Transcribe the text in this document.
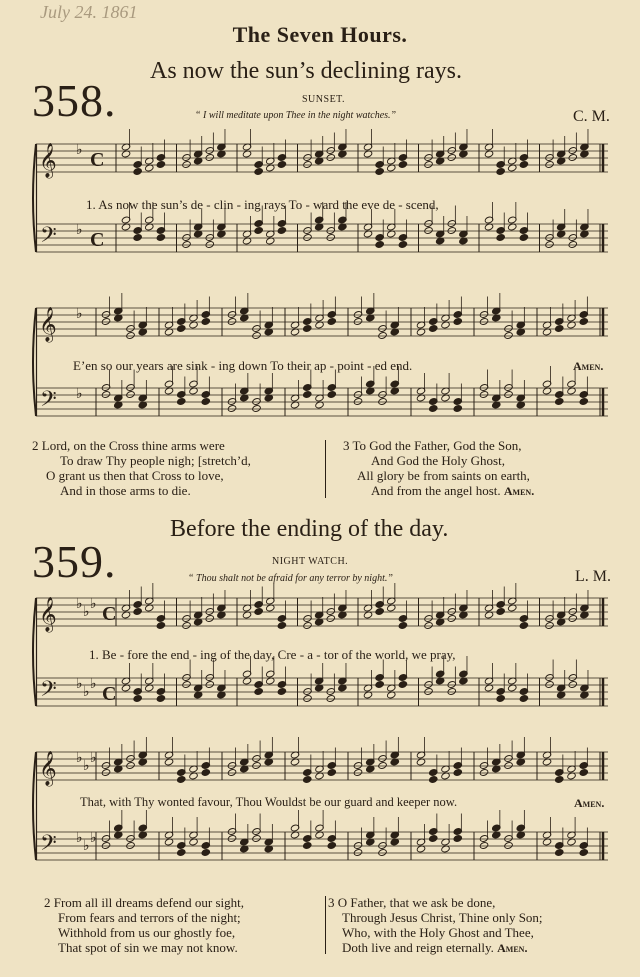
July 24. 1861
The Seven Hours.
358.
As now the sun’s declining rays.
SUNSET.
“ I will meditate upon Thee in the night watches.”	C. M.
♭
♭
𝄞
𝄢
C
C
1. As now the sun’s de - clin - ing rays To - ward the eve de - scend,
♭
♭
𝄞
𝄢
E’en so our years are sink - ing down To their ap - point - ed end.	Amen.
2 Lord, on the Cross thine arms were
To draw Thy people nigh; [stretch’d,
O grant us then that Cross to love,
And in those arms to die.
3 To God the Father, God the Son,
And God the Holy Ghost,
All glory be from saints on earth,
And from the angel host. Amen.
359.
Before the ending of the day.
NIGHT WATCH.
“ Thou shalt not be afraid for any terror by night.”	L. M.
♭ ♭ ♭
♭ ♭ ♭
𝄞
𝄢
C
C
1. Be - fore the end - ing of the day, Cre - a - tor of the world, we pray,
♭ ♭ ♭
♭ ♭ ♭
𝄞
𝄢
That, with Thy wonted favour, Thou Wouldst be our guard and keeper now.	Amen.
2 From all ill dreams defend our sight,
From fears and terrors of the night;
Withhold from us our ghostly foe,
That spot of sin we may not know.
3 O Father, that we ask be done,
Through Jesus Christ, Thine only Son;
Who, with the Holy Ghost and Thee,
Doth live and reign eternally. Amen.
